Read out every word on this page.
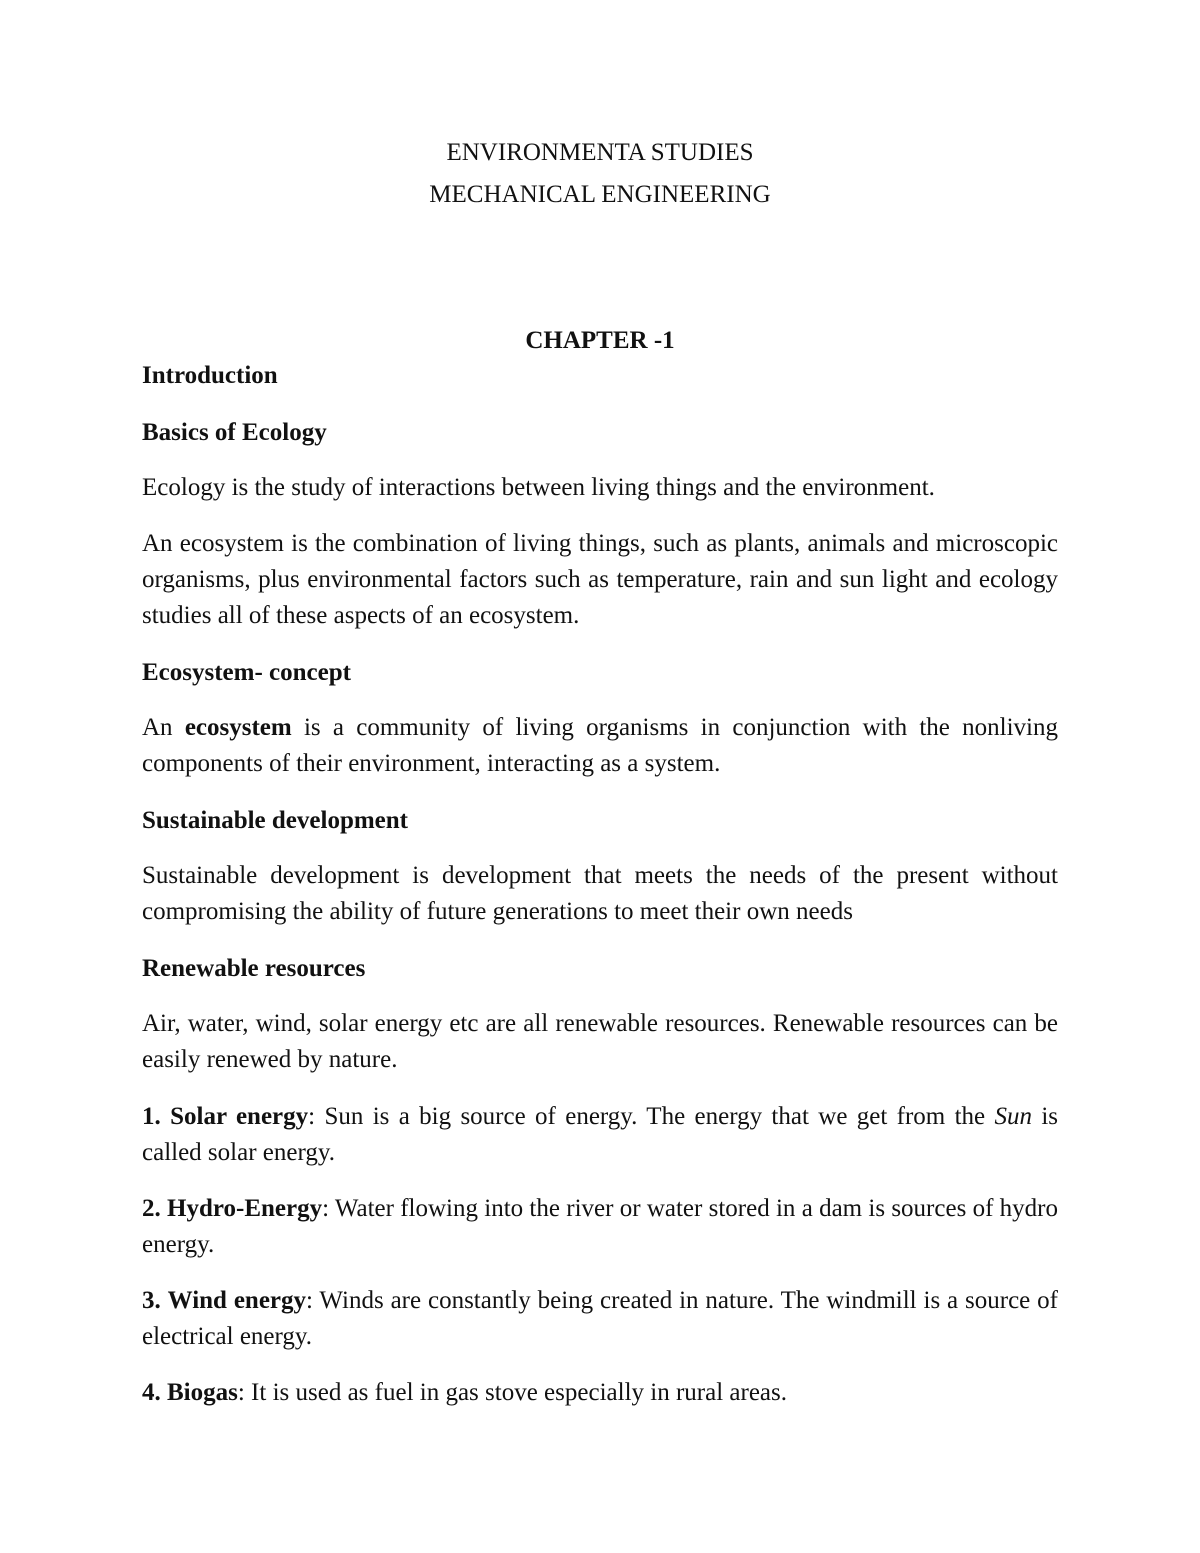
ENVIRONMENTA STUDIES
MECHANICAL ENGINEERING
CHAPTER -1
Introduction
Basics of Ecology
Ecology is the study of interactions between living things and the environment.
An ecosystem is the combination of living things, such as plants, animals and microscopic organisms, plus environmental factors such as temperature, rain and sun light and ecology studies all of these aspects of an ecosystem.
Ecosystem- concept
An ecosystem is a community of living organisms in conjunction with the nonliving components of their environment, interacting as a system.
Sustainable development
Sustainable development is development that meets the needs of the present without compromising the ability of future generations to meet their own needs
Renewable resources
Air, water, wind, solar energy etc are all renewable resources. Renewable resources can be easily renewed by nature.
1. Solar energy: Sun is a big source of energy. The energy that we get from the Sun is called solar energy.
2. Hydro-Energy: Water flowing into the river or water stored in a dam is sources of hydro energy.
3. Wind energy: Winds are constantly being created in nature. The windmill is a source of electrical energy.
4. Biogas: It is used as fuel in gas stove especially in rural areas.
